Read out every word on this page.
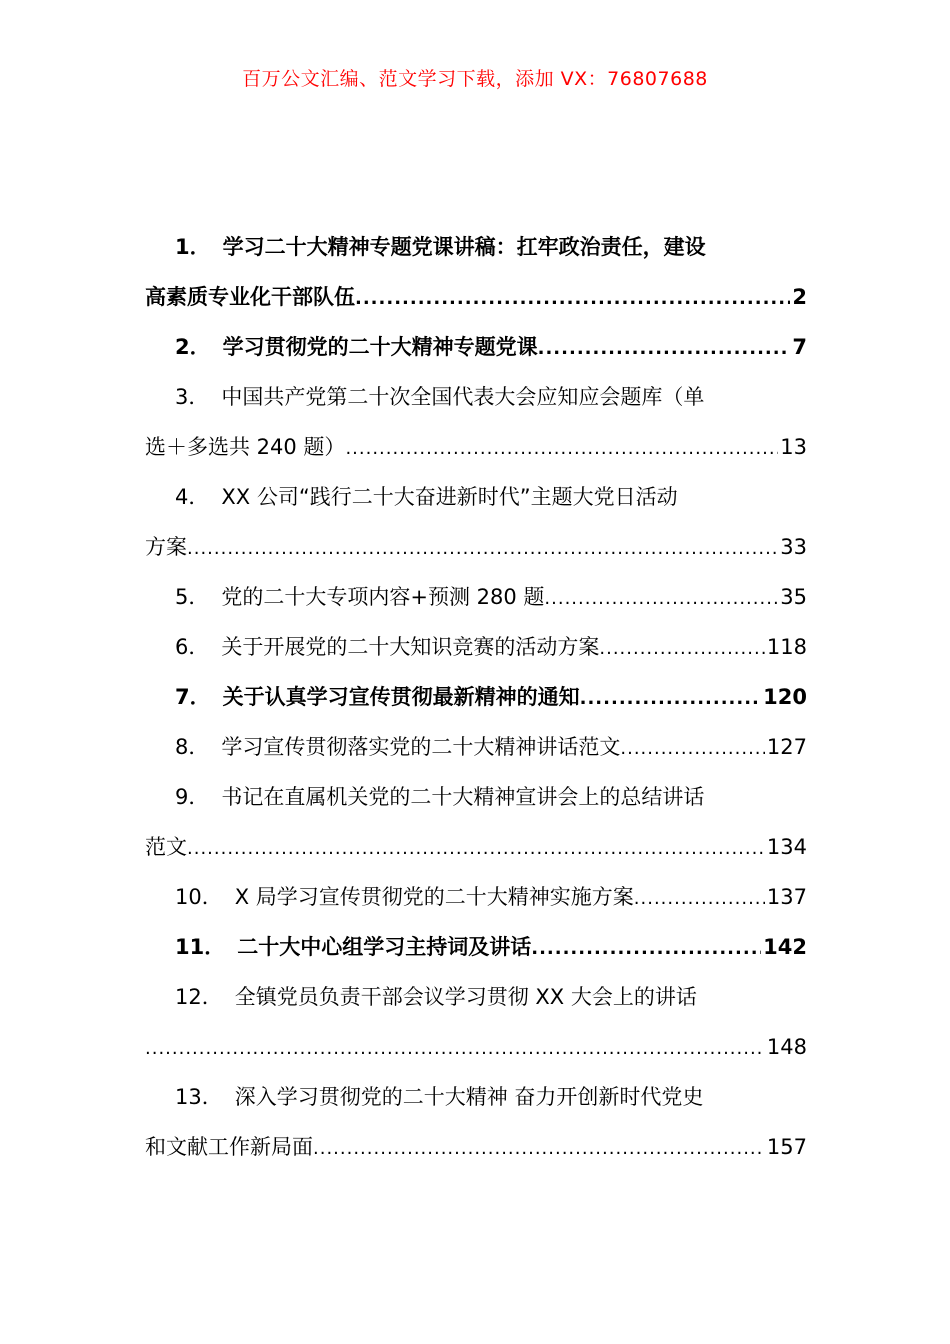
百万公文汇编、范文学习下载，添加 VX：76807688
1． 学习二十大精神专题党课讲稿：扛牢政治责任，建设
高素质专业化干部队伍 .....	2
2． 学习贯彻党的二十大精神专题党课 .....	7
3． 中国共产党第二十次全国代表大会应知应会题库（单
选＋多选共 240 题） .....	13
4． XX 公司“践行二十大奋进新时代”主题大党日活动
方案 .....	33
5． 党的二十大专项内容+预测 280 题 .....	35
6． 关于开展党的二十大知识竞赛的活动方案 .....	118
7． 关于认真学习宣传贯彻最新精神的通知 .....	120
8． 学习宣传贯彻落实党的二十大精神讲话范文 .....	127
9． 书记在直属机关党的二十大精神宣讲会上的总结讲话
范文 .....	134
10． X 局学习宣传贯彻党的二十大精神实施方案 .....	137
11． 二十大中心组学习主持词及讲话 .....	142
12． 全镇党员负责干部会议学习贯彻 XX 大会上的讲话
.....
148
13． 深入学习贯彻党的二十大精神 奋力开创新时代党史
和文献工作新局面 .....	157
